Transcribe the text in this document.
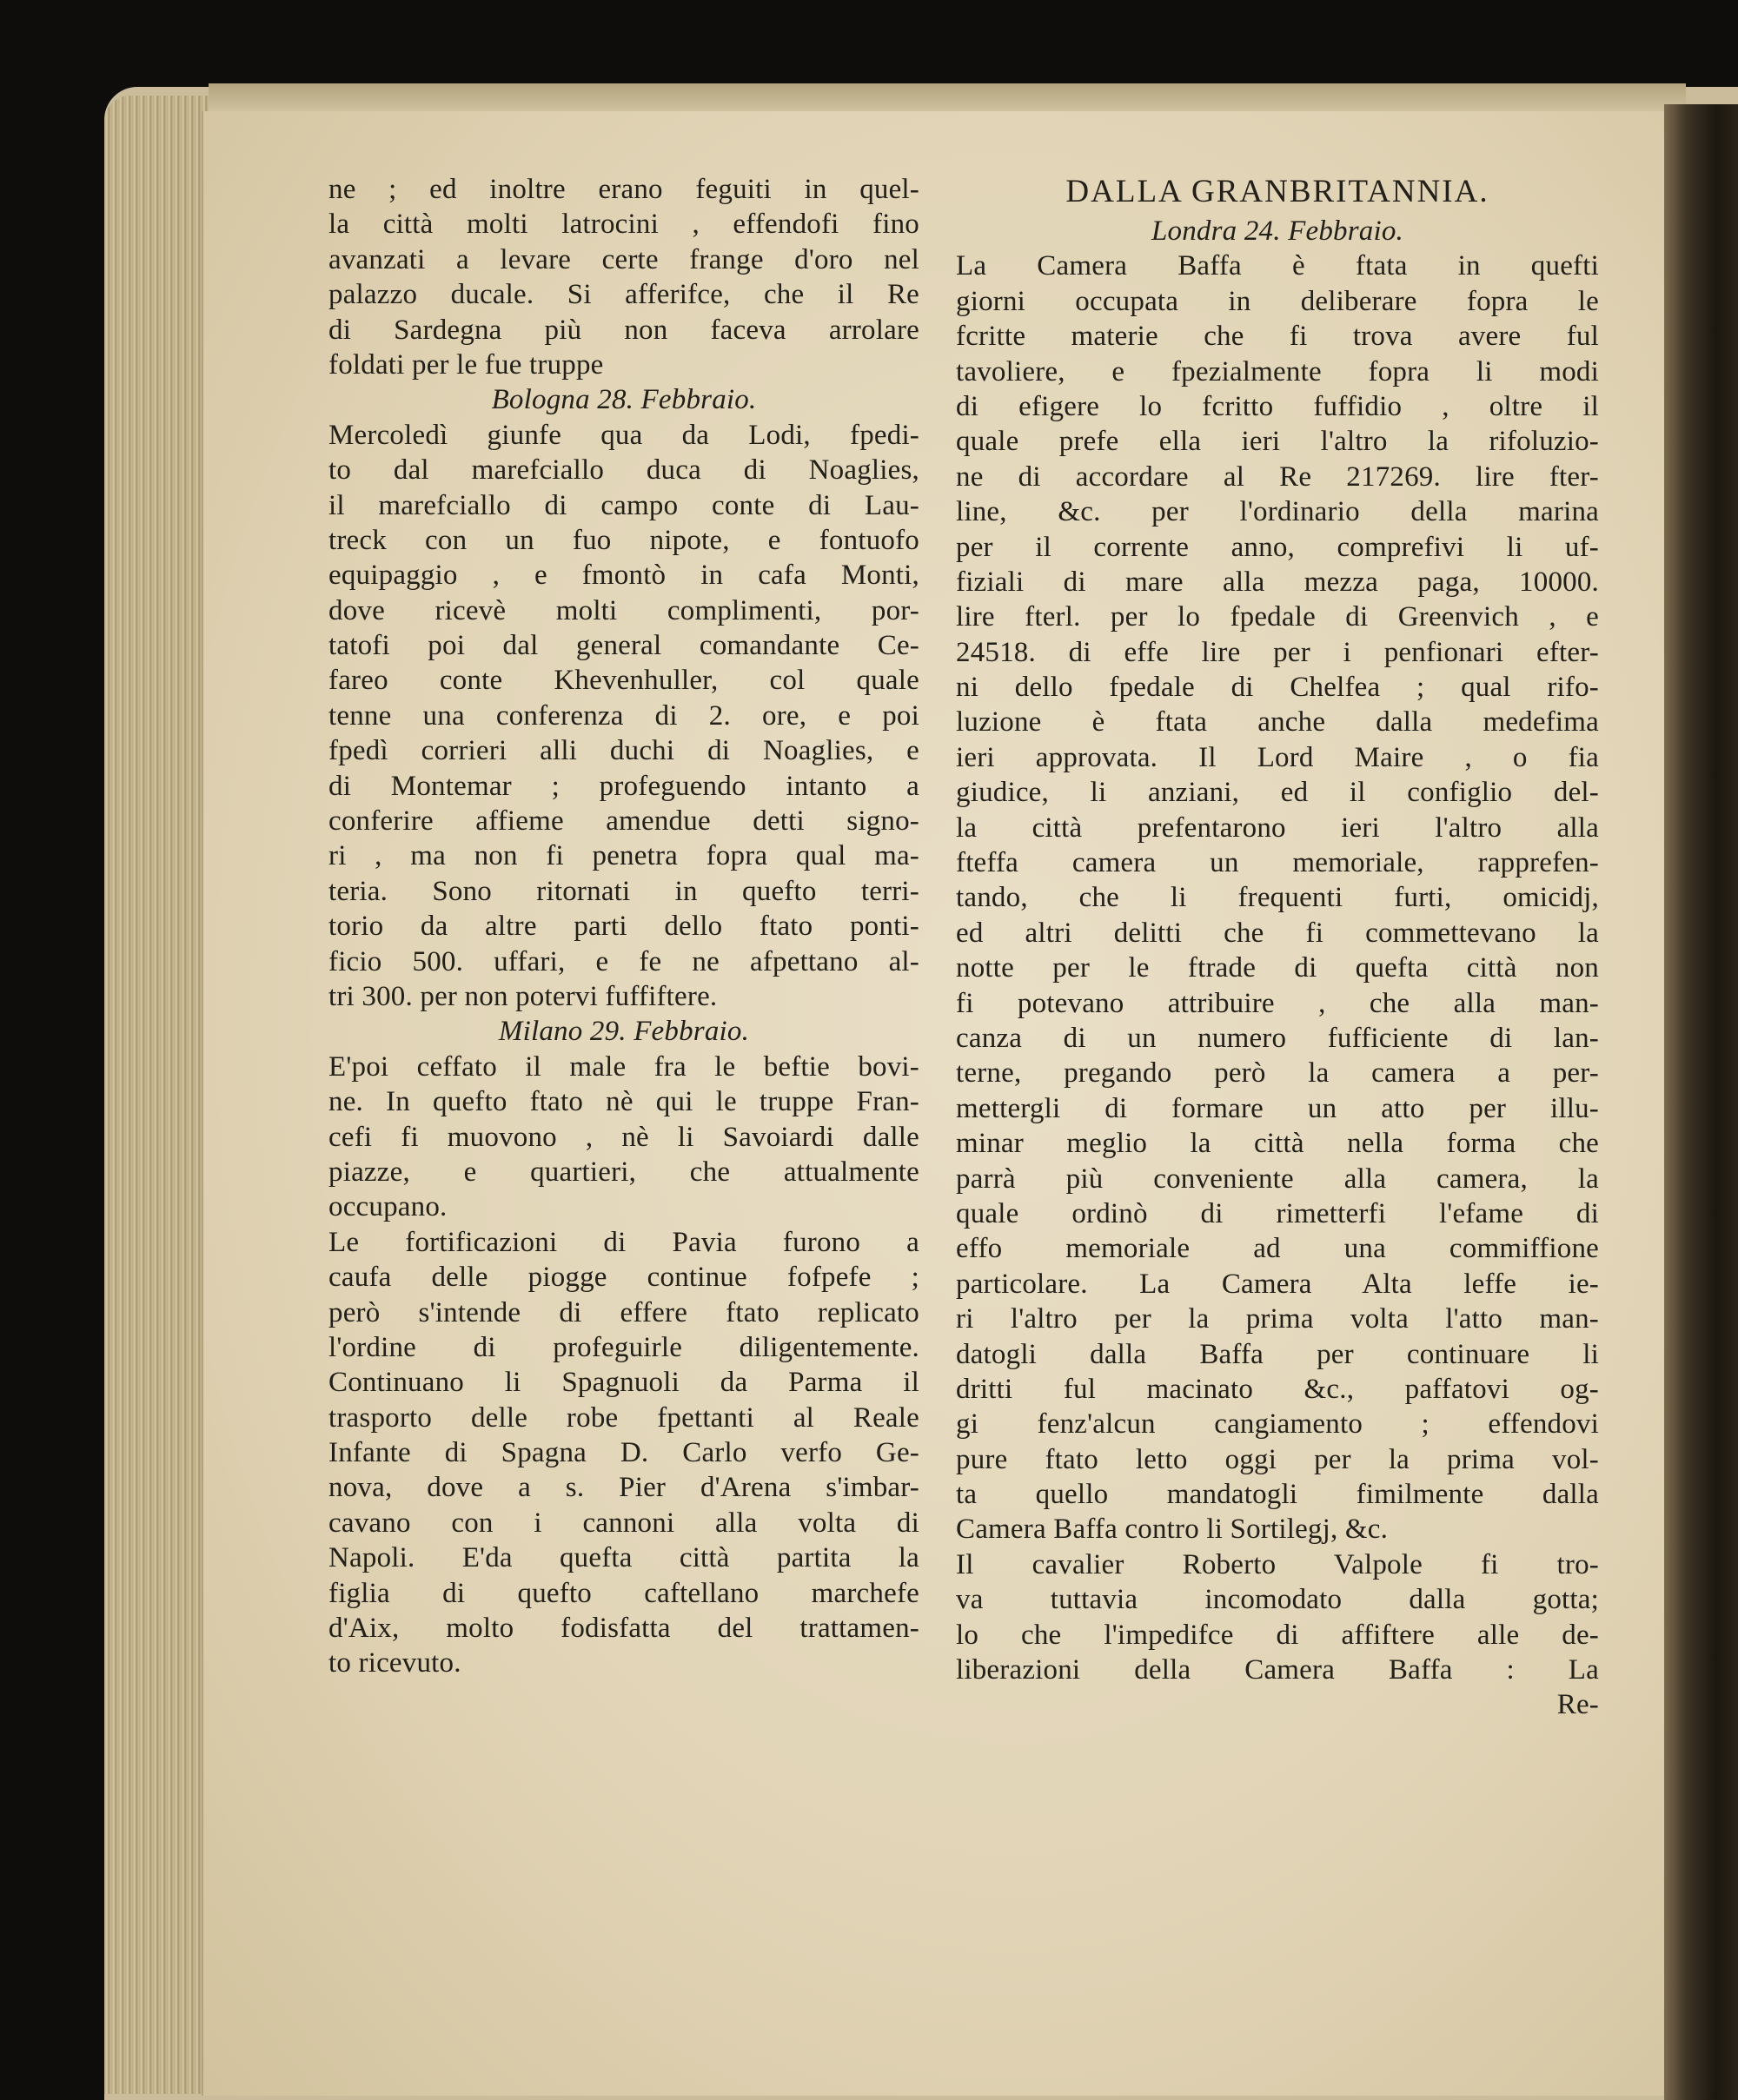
ne ; ed inoltre erano feguiti in quel-
la città molti latrocini , effendofi fino
avanzati a levare certe frange d'oro nel
palazzo ducale. Si afferifce, che il Re
di Sardegna più non faceva arrolare
foldati per le fue truppe
Bologna 28. Febbraio.
Mercoledì giunfe qua da Lodi, fpedi-
to dal marefciallo duca di Noaglies,
il marefciallo di campo conte di Lau-
treck con un fuo nipote, e fontuofo
equipaggio , e fmontò in cafa Monti,
dove ricevè molti complimenti, por-
tatofi poi dal general comandante Ce-
fareo conte Khevenhuller, col quale
tenne una conferenza di 2. ore, e poi
fpedì corrieri alli duchi di Noaglies, e
di Montemar ; profeguendo intanto a
conferire affieme amendue detti signo-
ri , ma non fi penetra fopra qual ma-
teria. Sono ritornati in quefto terri-
torio da altre parti dello ftato ponti-
ficio 500. uffari, e fe ne afpettano al-
tri 300. per non potervi fuffiftere.
Milano 29. Febbraio.
E'poi ceffato il male fra le beftie bovi-
ne. In quefto ftato nè qui le truppe Fran-
cefi fi muovono , nè li Savoiardi dalle
piazze, e quartieri, che attualmente
occupano.
Le fortificazioni di Pavia furono a
caufa delle piogge continue fofpefe ;
però s'intende di effere ftato replicato
l'ordine di profeguirle diligentemente.
Continuano li Spagnuoli da Parma il
trasporto delle robe fpettanti al Reale
Infante di Spagna D. Carlo verfo Ge-
nova, dove a s. Pier d'Arena s'imbar-
cavano con i cannoni alla volta di
Napoli. E'da quefta città partita la
figlia di quefto caftellano marchefe
d'Aix, molto fodisfatta del trattamen-
to ricevuto.
DALLA GRANBRITANNIA.
Londra 24. Febbraio.
La Camera Baffa è ftata in quefti
giorni occupata in deliberare fopra le
fcritte materie che fi trova avere ful
tavoliere, e fpezialmente fopra li modi
di efigere lo fcritto fuffidio , oltre il
quale prefe ella ieri l'altro la rifoluzio-
ne di accordare al Re 217269. lire fter-
line, &c. per l'ordinario della marina
per il corrente anno, comprefivi li uf-
fiziali di mare alla mezza paga, 10000.
lire fterl. per lo fpedale di Greenvich , e
24518. di effe lire per i penfionari efter-
ni dello fpedale di Chelfea ; qual rifo-
luzione è ftata anche dalla medefima
ieri approvata. Il Lord Maire , o fia
giudice, li anziani, ed il configlio del-
la città prefentarono ieri l'altro alla
fteffa camera un memoriale, rapprefen-
tando, che li frequenti furti, omicidj,
ed altri delitti che fi commettevano la
notte per le ftrade di quefta città non
fi potevano attribuire , che alla man-
canza di un numero fufficiente di lan-
terne, pregando però la camera a per-
mettergli di formare un atto per illu-
minar meglio la città nella forma che
parrà più conveniente alla camera, la
quale ordinò di rimetterfi l'efame di
effo memoriale ad una commiffione
particolare. La Camera Alta leffe ie-
ri l'altro per la prima volta l'atto man-
datogli dalla Baffa per continuare li
dritti ful macinato &c., paffatovi og-
gi fenz'alcun cangiamento ; effendovi
pure ftato letto oggi per la prima vol-
ta quello mandatogli fimilmente dalla
Camera Baffa contro li Sortilegj, &c.
Il cavalier Roberto Valpole fi tro-
va tuttavia incomodato dalla gotta;
lo che l'impedifce di affiftere alle de-
liberazioni della Camera Baffa : La
Re-
